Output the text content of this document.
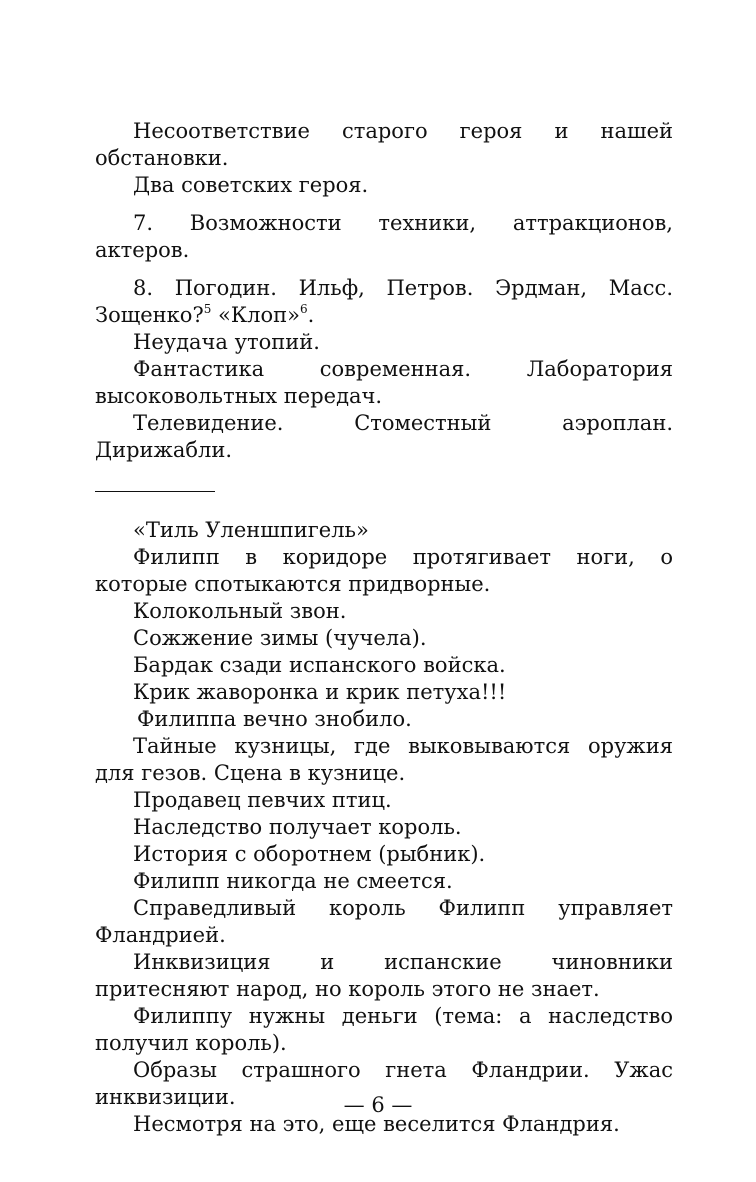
Несоответствие старого героя и нашей обстановки.

Два советских героя.

7. Возможности техники, аттракционов, актеров.

8. Погодин. Ильф, Петров. Эрдман, Масс. Зощенко?$^5$ «Клоп»$^6$.

Неудача утопий.

Фантастика современная. Лаборатория высоковольтных передач.

Телевидение. Стоместный аэроплан. Дирижабли.

«Тиль Уленшпигель»

Филипп в коридоре протягивает ноги, о которые спотыкаются придворные.

Колокольный звон.

Сожжение зимы (чучела).

Бардак сзади испанского войска.

Крик жаворонка и крик петуха!!!

Филиппа вечно знобило.

Тайные кузницы, где выковываются оружия для гезов. Сцена в кузнице.

Продавец певчих птиц.

Наследство получает король.

История с оборотнем (рыбник).

Филипп никогда не смеется.

Справедливый король Филипп управляет Фландрией.

Инквизиция и испанские чиновники притесняют народ, но король этого не знает.

Филиппу нужны деньги (тема: а наследство получил король).

Образы страшного гнета Фландрии. Ужас инквизиции.

Несмотря на это, еще веселится Фландрия.

— 6 —
